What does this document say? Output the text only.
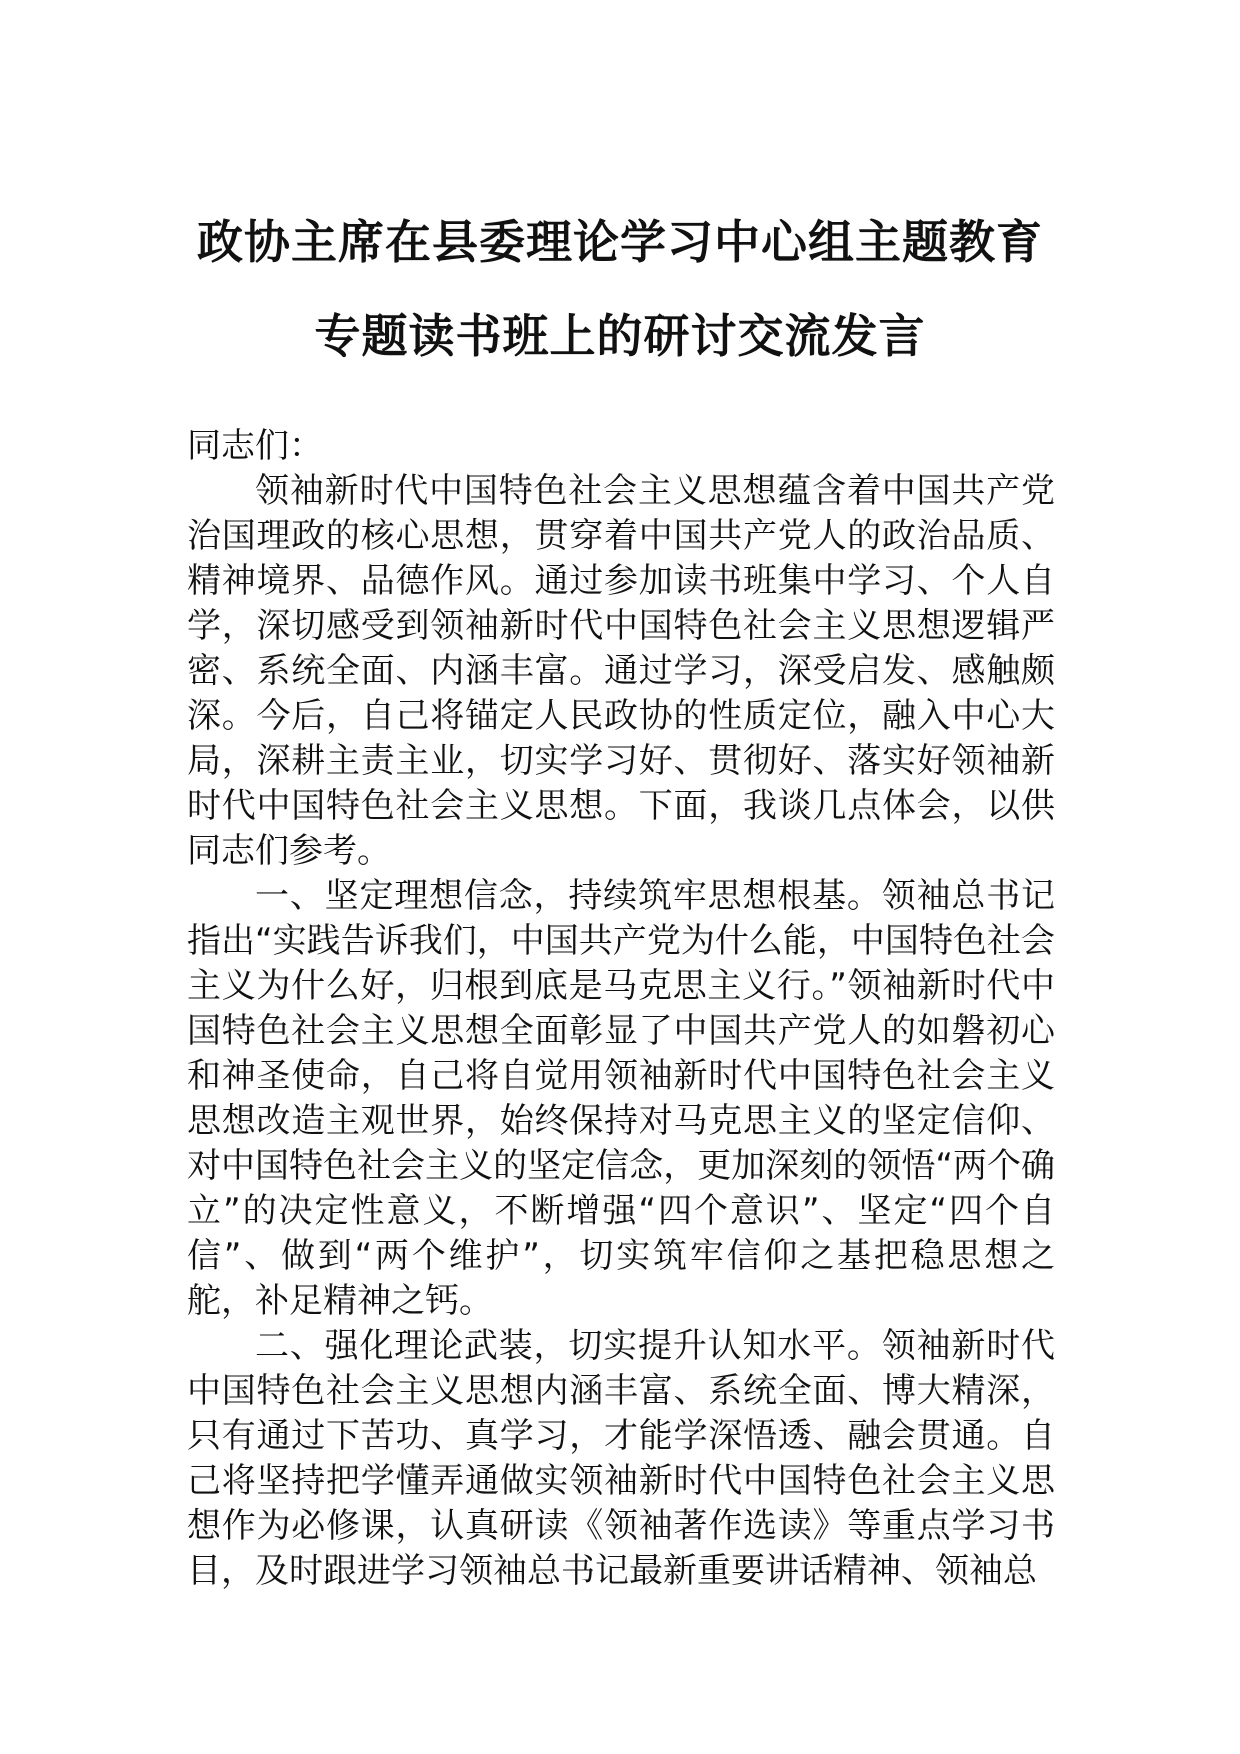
政协主席在县委理论学习中心组主题教育
专题读书班上的研讨交流发言

同志们：

领袖新时代中国特色社会主义思想蕴含着中国共产党治国理政的核心思想，贯穿着中国共产党人的政治品质、精神境界、品德作风。通过参加读书班集中学习、个人自学，深切感受到领袖新时代中国特色社会主义思想逻辑严密、系统全面、内涵丰富。通过学习，深受启发、感触颇深。今后，自己将锚定人民政协的性质定位，融入中心大局，深耕主责主业，切实学习好、贯彻好、落实好领袖新时代中国特色社会主义思想。下面，我谈几点体会，以供同志们参考。

一、坚定理想信念，持续筑牢思想根基。领袖总书记指出“实践告诉我们，中国共产党为什么能，中国特色社会主义为什么好，归根到底是马克思主义行。”领袖新时代中国特色社会主义思想全面彰显了中国共产党人的如磐初心和神圣使命，自己将自觉用领袖新时代中国特色社会主义思想改造主观世界，始终保持对马克思主义的坚定信仰、对中国特色社会主义的坚定信念，更加深刻的领悟“两个确立”的决定性意义，不断增强“四个意识”、坚定“四个自信”、做到“两个维护”，切实筑牢信仰之基把稳思想之舵，补足精神之钙。

二、强化理论武装，切实提升认知水平。领袖新时代中国特色社会主义思想内涵丰富、系统全面、博大精深，只有通过下苦功、真学习，才能学深悟透、融会贯通。自己将坚持把学懂弄通做实领袖新时代中国特色社会主义思想作为必修课，认真研读《领袖著作选读》等重点学习书目，及时跟进学习领袖总书记最新重要讲话精神、领袖总
